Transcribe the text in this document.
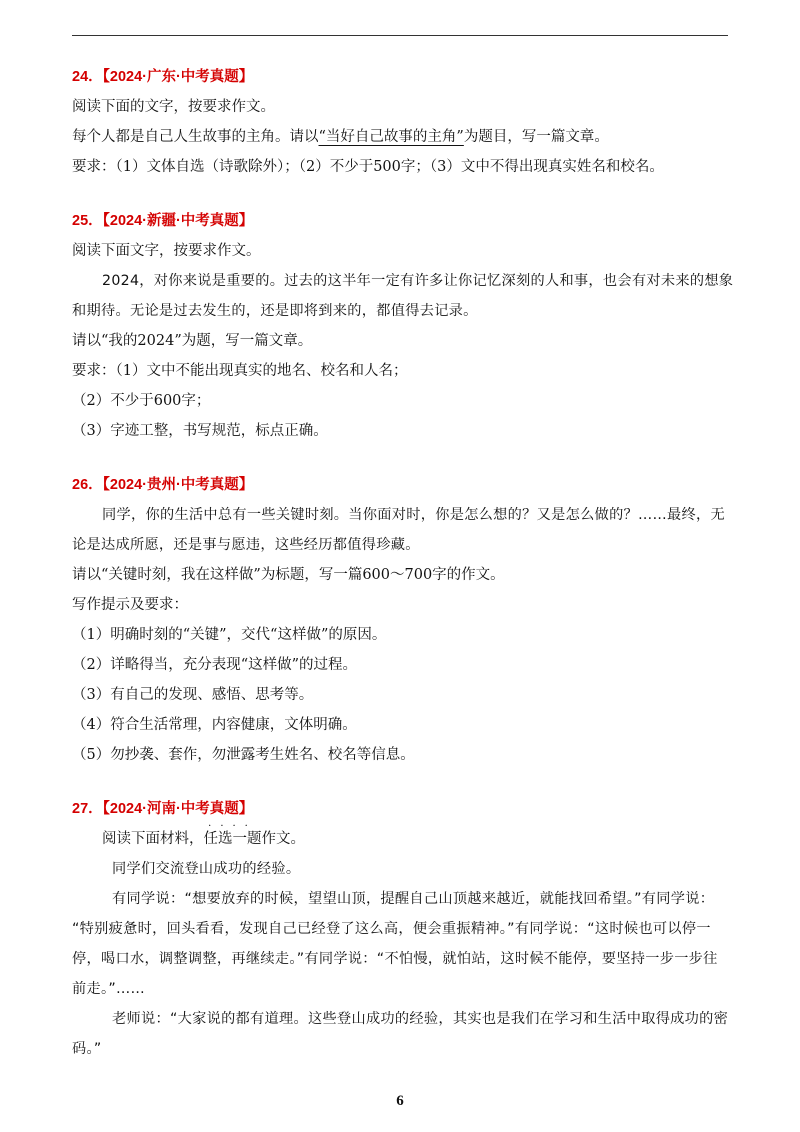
24．【2024·广东·中考真题】
阅读下面的文字，按要求作文。
每个人都是自己人生故事的主角。请以“当好自己故事的主角”为题目，写一篇文章。
要求：（1）文体自选（诗歌除外）；（2）不少于500字；（3）文中不得出现真实姓名和校名。
25．【2024·新疆·中考真题】
阅读下面文字，按要求作文。
2024，对你来说是重要的。过去的这半年一定有许多让你记忆深刻的人和事，也会有对未来的想象
和期待。无论是过去发生的，还是即将到来的，都值得去记录。
请以“我的2024”为题，写一篇文章。
要求：（1）文中不能出现真实的地名、校名和人名；
（2）不少于600字；
（3）字迹工整，书写规范，标点正确。
26．【2024·贵州·中考真题】
同学，你的生活中总有一些关键时刻。当你面对时，你是怎么想的？又是怎么做的？……最终，无
论是达成所愿，还是事与愿违，这些经历都值得珍藏。
请以“关键时刻，我在这样做”为标题，写一篇600～700字的作文。
写作提示及要求：
（1）明确时刻的“关键”，交代“这样做”的原因。
（2）详略得当，充分表现“这样做”的过程。
（3）有自己的发现、感悟、思考等。
（4）符合生活常理，内容健康，文体明确。
（5）勿抄袭、套作，勿泄露考生姓名、校名等信息。
27．【2024·河南·中考真题】
阅读下面材料，
····
任选一题作文。
同学们交流登山成功的经验。
有同学说：“想要放弃的时候，望望山顶，提醒自己山顶越来越近，就能找回希望。”有同学说：
“特别疲惫时，回头看看，发现自己已经登了这么高，便会重振精神。”有同学说：“这时候也可以停一
停，喝口水，调整调整，再继续走。”有同学说：“不怕慢，就怕站，这时候不能停，要坚持一步一步往
前走。”……
老师说：“大家说的都有道理。这些登山成功的经验，其实也是我们在学习和生活中取得成功的密
码。”
6
